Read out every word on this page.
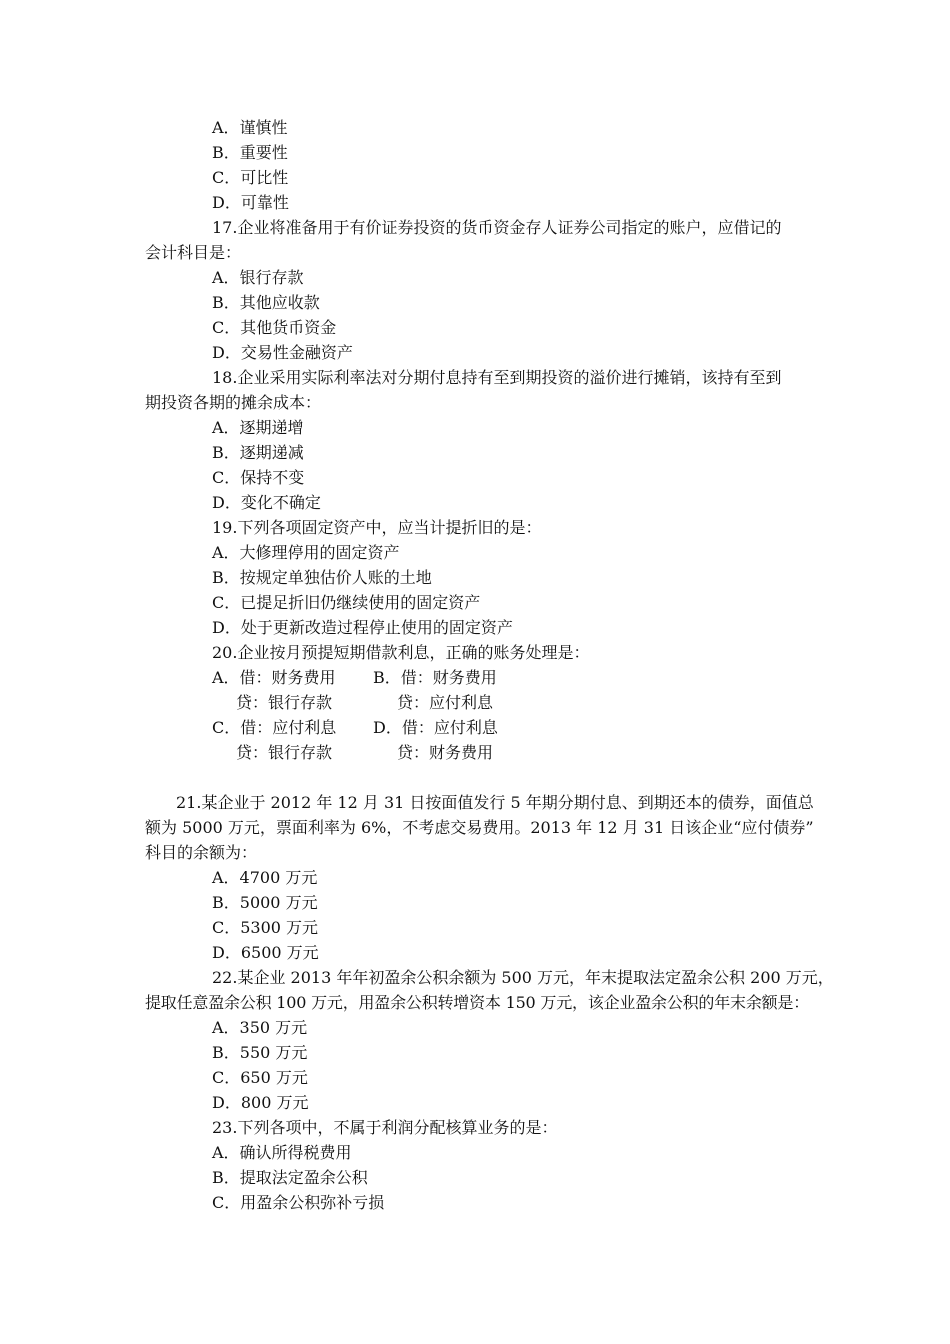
A．谨慎性
B．重要性
C．可比性
D．可靠性
17.企业将准备用于有价证券投资的货币资金存人证券公司指定的账户，应借记的
会计科目是：
A．银行存款
B．其他应收款
C．其他货币资金
D．交易性金融资产
18.企业采用实际利率法对分期付息持有至到期投资的溢价进行摊销，该持有至到
期投资各期的摊余成本：
A．逐期递增
B．逐期递减
C．保持不变
D．变化不确定
19.下列各项固定资产中，应当计提折旧的是：
A．大修理停用的固定资产
B．按规定单独估价人账的土地
C．已提足折旧仍继续使用的固定资产
D．处于更新改造过程停止使用的固定资产
20.企业按月预提短期借款利息，正确的账务处理是：
A．借：财务费用 B．借：财务费用
贷：银行存款	贷：应付利息
C．借：应付利息 D．借：应付利息
贷：银行存款	贷：财务费用
21.某企业于 2012 年 12 月 31 日按面值发行 5 年期分期付息、到期还本的债券，面值总
额为 5000 万元，票面利率为 6%，不考虑交易费用。2013 年 12 月 31 日该企业“应付债券”
科目的余额为：
A．4700 万元
B．5000 万元
C．5300 万元
D．6500 万元
22.某企业 2013 年年初盈余公积余额为 500 万元，年末提取法定盈余公积 200 万元，
提取任意盈余公积 100 万元，用盈余公积转增资本 150 万元，该企业盈余公积的年末余额是：
A．350 万元
B．550 万元
C．650 万元
D．800 万元
23.下列各项中，不属于利润分配核算业务的是：
A．确认所得税费用
B．提取法定盈余公积
C．用盈余公积弥补亏损
